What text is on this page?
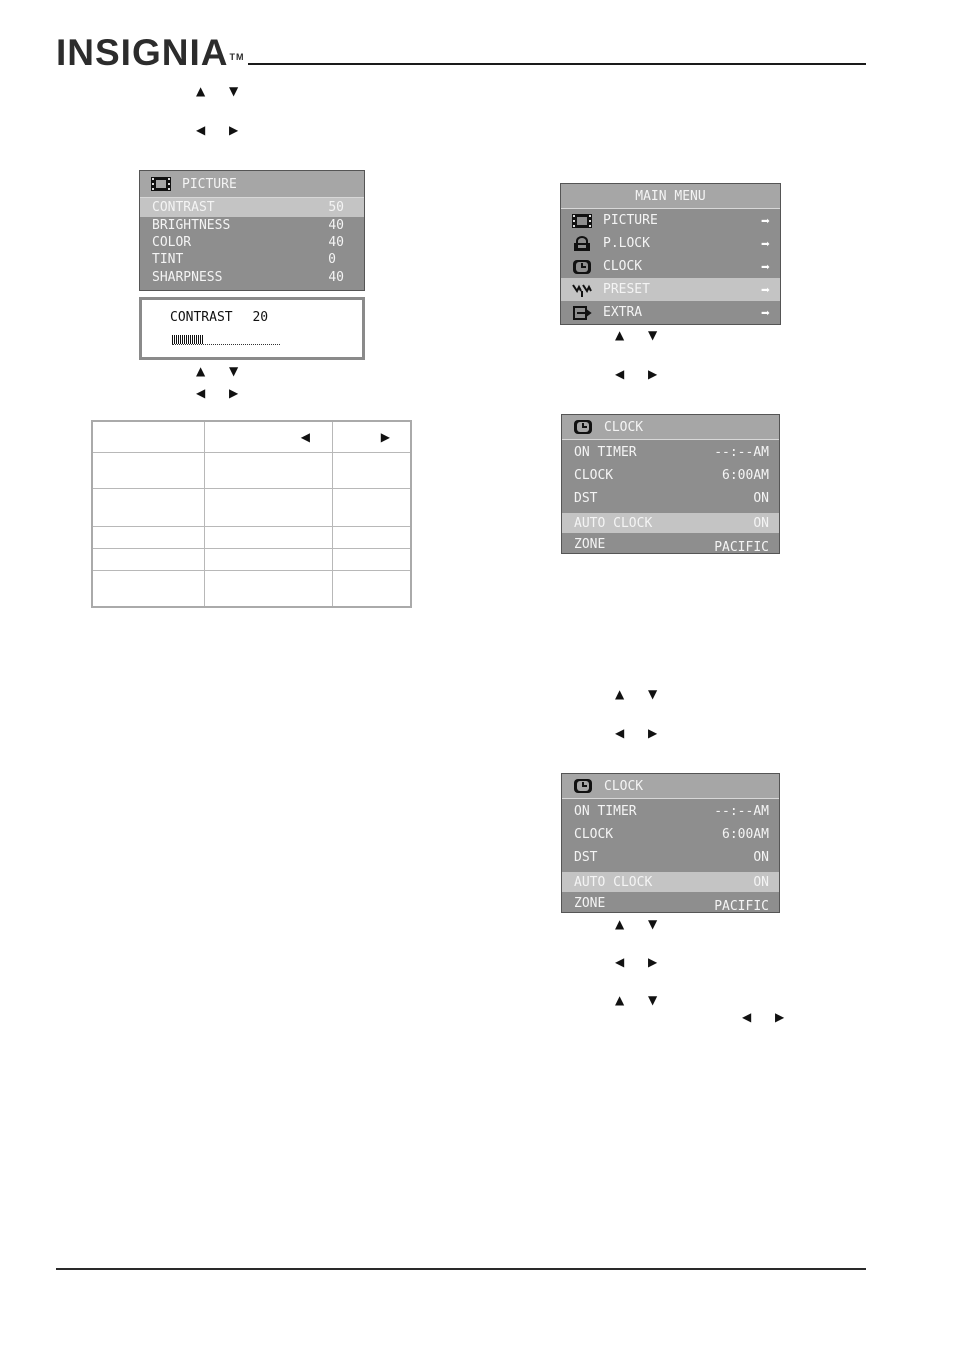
INSIGNIA™
▲ ▼
◀ ▶
PICTURE
CONTRAST	50
BRIGHTNESS	40
COLOR	40
TINT	0
SHARPNESS	40
CONTRAST 20
▲ ▼
◀ ▶
	◀	▶

MAIN MENU
PICTURE	➡
P.LOCK	➡
CLOCK	➡
PRESET	➡
EXTRA	➡
▲ ▼
◀ ▶
CLOCK
ON TIMER	--:--AM
CLOCK	6:00AM
DST	ON
AUTO CLOCK	ON
ZONE	PACIFIC
▲ ▼
◀ ▶
CLOCK
ON TIMER	--:--AM
CLOCK	6:00AM
DST	ON
AUTO CLOCK	ON
ZONE	PACIFIC
▲ ▼
◀ ▶
▲ ▼
◀ ▶
